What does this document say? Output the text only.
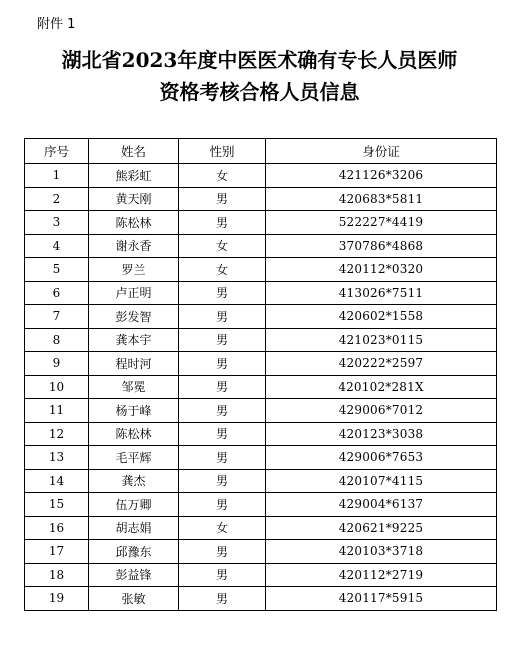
附件 1
湖北省2023年度中医医术确有专长人员医师
资格考核合格人员信息
序号	姓名	性别	身份证
1	熊彩虹	女	421126*3206
2	黄天刚	男	420683*5811
3	陈松林	男	522227*4419
4	谢永香	女	370786*4868
5	罗兰	女	420112*0320
6	卢正明	男	413026*7511
7	彭发智	男	420602*1558
8	龚本宇	男	421023*0115
9	程时河	男	420222*2597
10	邹冕	男	420102*281X
11	杨于峰	男	429006*7012
12	陈松林	男	420123*3038
13	毛平辉	男	429006*7653
14	龚杰	男	420107*4115
15	伍万卿	男	429004*6137
16	胡志娟	女	420621*9225
17	邱豫东	男	420103*3718
18	彭益锋	男	420112*2719
19	张敏	男	420117*5915
